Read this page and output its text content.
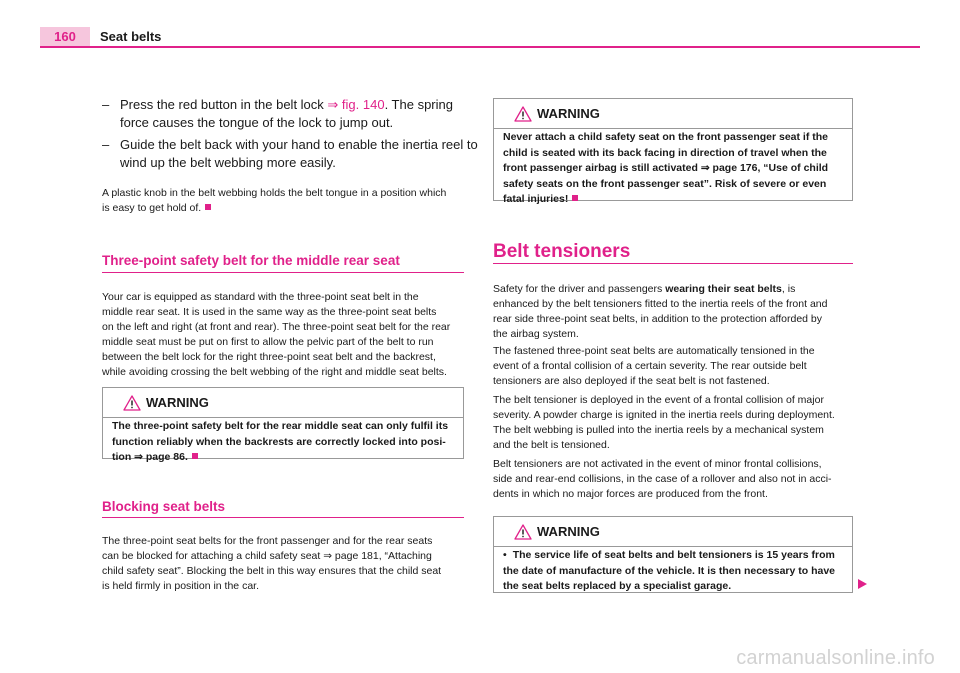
160	Seat belts
– Press the red button in the belt lock ⇒ fig. 140. The spring
force causes the tongue of the lock to jump out.
– Guide the belt back with your hand to enable the inertia reel to
wind up the belt webbing more easily.
A plastic knob in the belt webbing holds the belt tongue in a position which
is easy to get hold of.
Three-point safety belt for the middle rear seat
Your car is equipped as standard with the three-point seat belt in the
middle rear seat. It is used in the same way as the three-point seat belts
on the left and right (at front and rear). The three-point seat belt for the rear
middle seat must be put on first to allow the pelvic part of the belt to run
between the belt lock for the right three-point seat belt and the backrest,
while avoiding crossing the belt webbing of the right and middle seat belts.
WARNING
The three-point safety belt for the rear middle seat can only fulfil its
function reliably when the backrests are correctly locked into posi-
tion ⇒ page 86.
Blocking seat belts
The three-point seat belts for the front passenger and for the rear seats
can be blocked for attaching a child safety seat ⇒ page 181, “Attaching
child safety seat”. Blocking the belt in this way ensures that the child seat
is held firmly in position in the car.
WARNING
Never attach a child safety seat on the front passenger seat if the
child is seated with its back facing in direction of travel when the
front passenger airbag is still activated ⇒ page 176, “Use of child
safety seats on the front passenger seat”. Risk of severe or even
fatal injuries!
Belt tensioners
Safety for the driver and passengers wearing their seat belts, is
enhanced by the belt tensioners fitted to the inertia reels of the front and
rear side three-point seat belts, in addition to the protection afforded by
the airbag system.
The fastened three-point seat belts are automatically tensioned in the
event of a frontal collision of a certain severity. The rear outside belt
tensioners are also deployed if the seat belt is not fastened.
The belt tensioner is deployed in the event of a frontal collision of major
severity. A powder charge is ignited in the inertia reels during deployment.
The belt webbing is pulled into the inertia reels by a mechanical system
and the belt is tensioned.
Belt tensioners are not activated in the event of minor frontal collisions,
side and rear-end collisions, in the case of a rollover and also not in acci-
dents in which no major forces are produced from the front.
WARNING
• The service life of seat belts and belt tensioners is 15 years from
the date of manufacture of the vehicle. It is then necessary to have
the seat belts replaced by a specialist garage.
carmanualsonline.info
